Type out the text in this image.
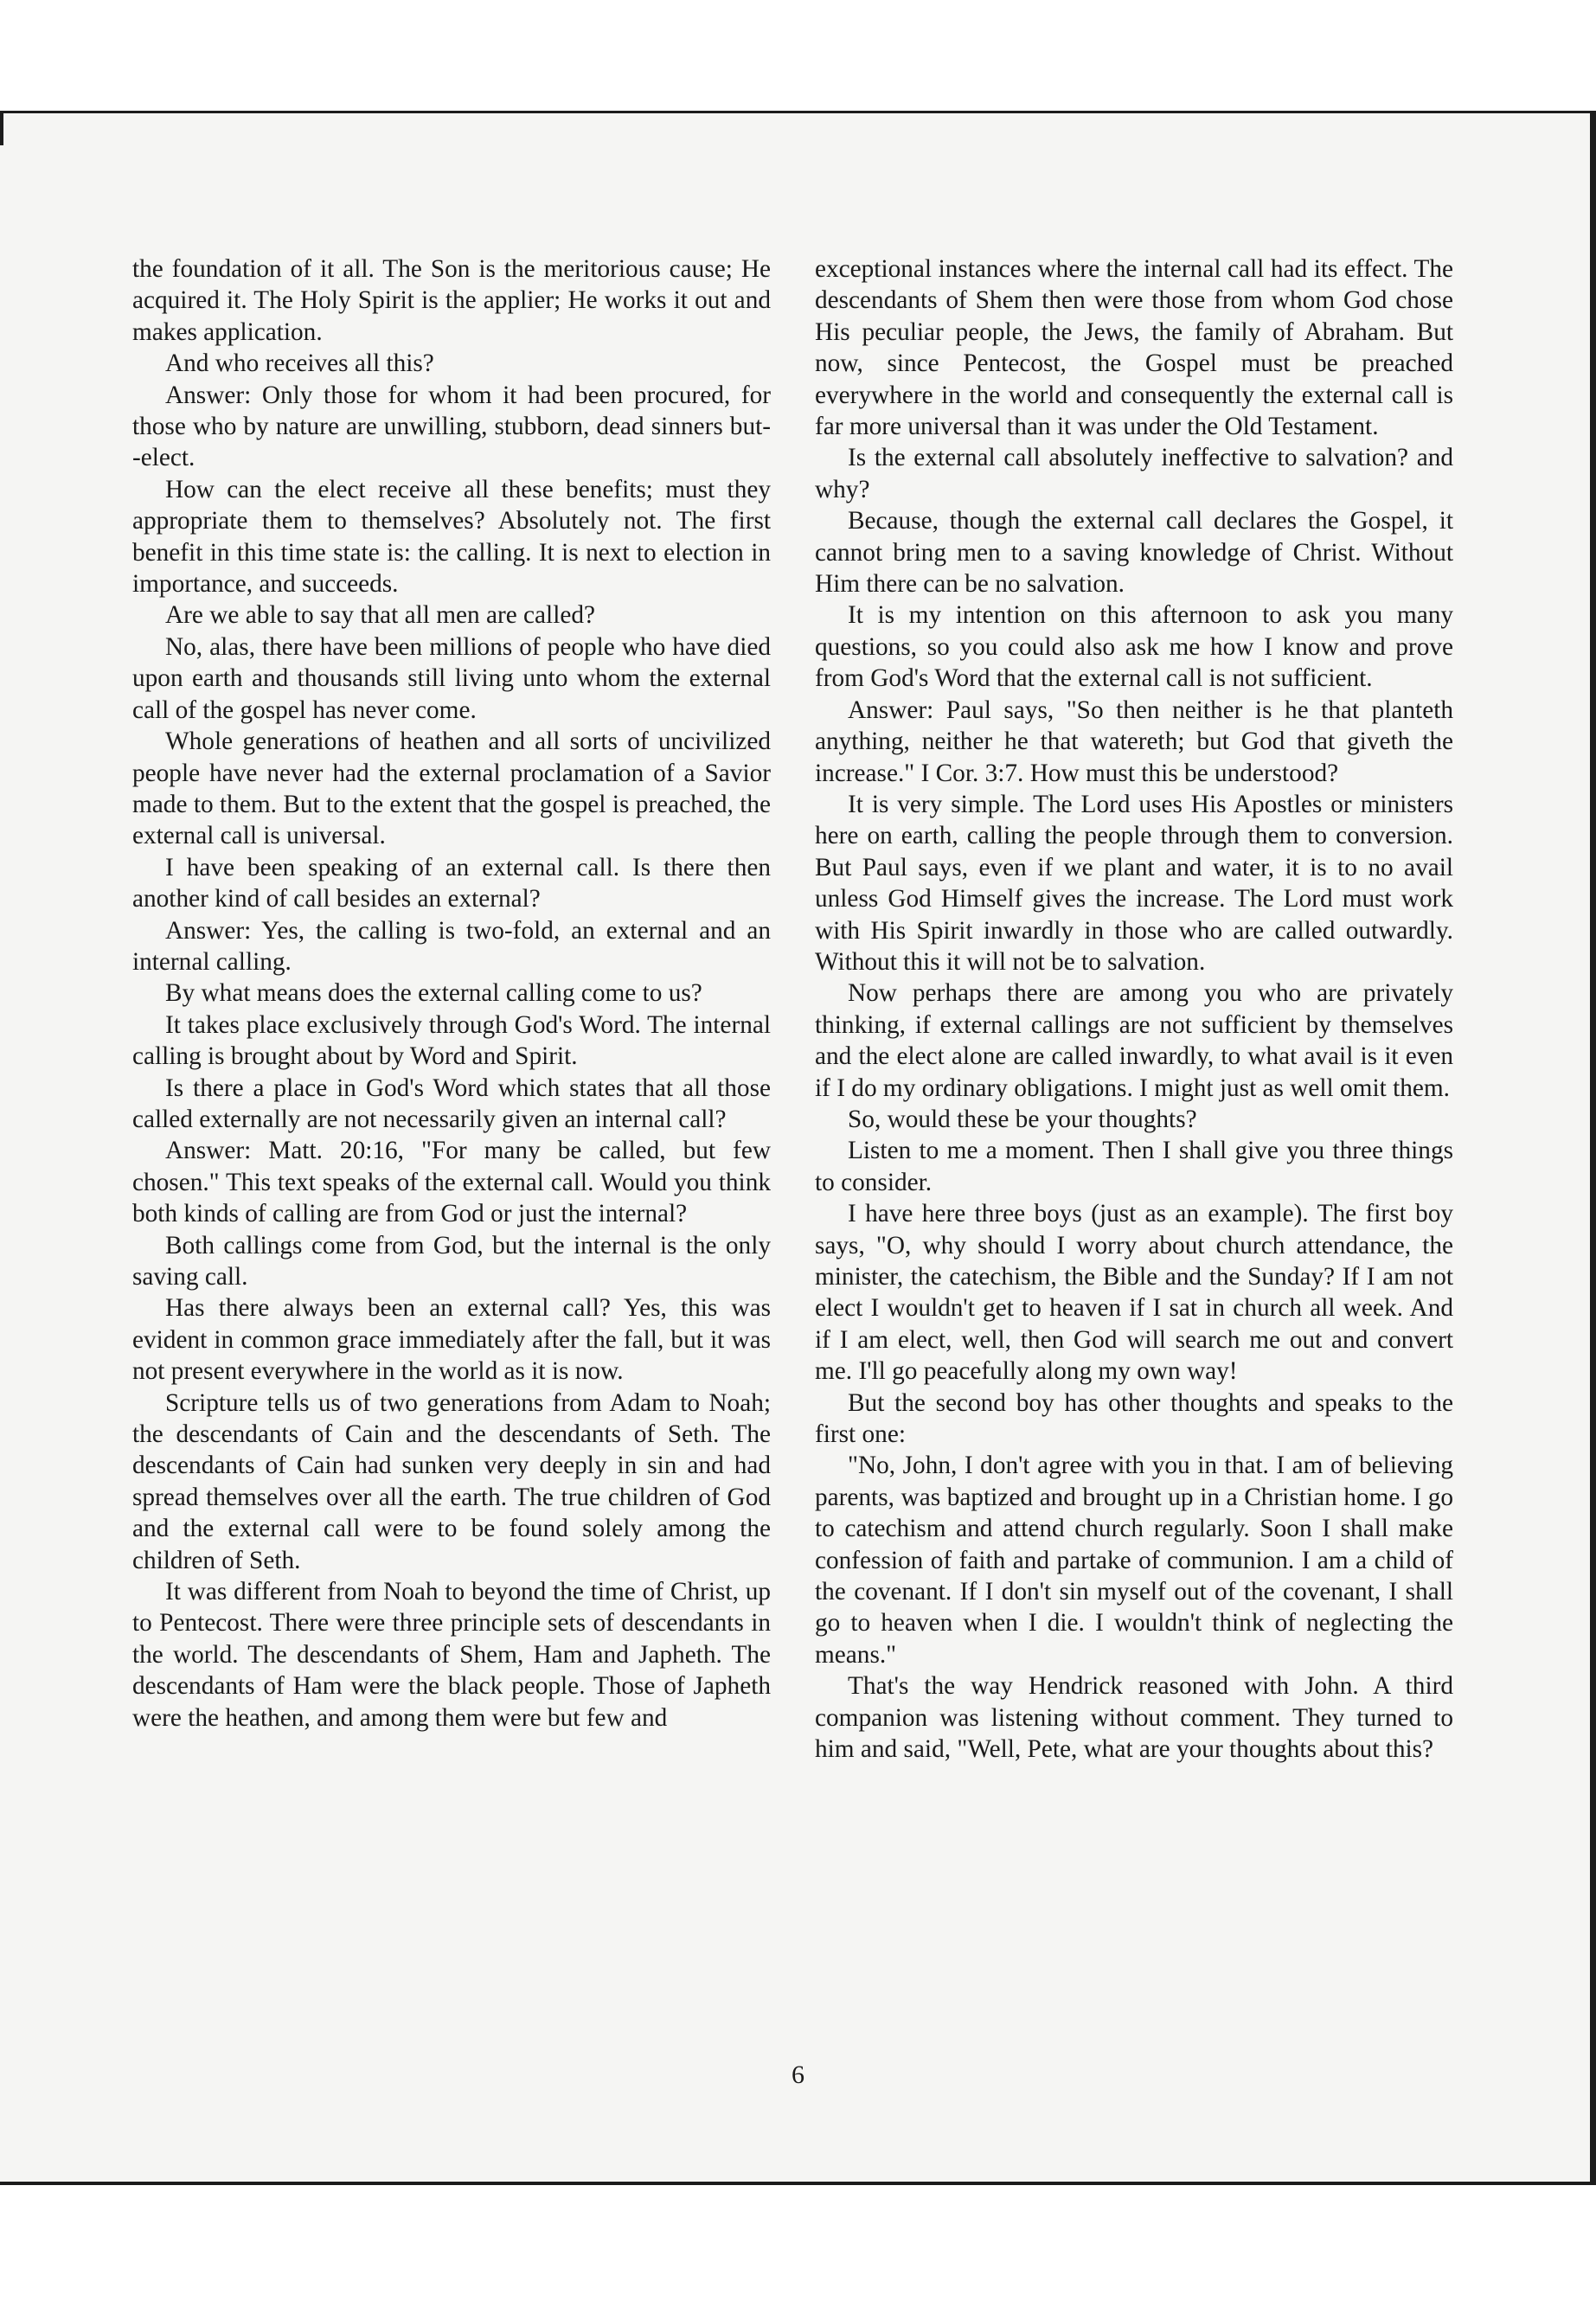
the foundation of it all. The Son is the meritorious cause; He acquired it. The Holy Spirit is the applier; He works it out and makes application.

And who receives all this?

Answer: Only those for whom it had been procured, for those who by nature are unwilling, stubborn, dead sinners but--elect.

How can the elect receive all these benefits; must they appropriate them to themselves? Absolutely not. The first benefit in this time state is: the calling. It is next to election in importance, and succeeds.

Are we able to say that all men are called?

No, alas, there have been millions of people who have died upon earth and thousands still living unto whom the external call of the gospel has never come.

Whole generations of heathen and all sorts of uncivilized people have never had the external proclamation of a Savior made to them. But to the extent that the gospel is preached, the external call is universal.

I have been speaking of an external call. Is there then another kind of call besides an external?

Answer: Yes, the calling is two-fold, an external and an internal calling.

By what means does the external calling come to us?

It takes place exclusively through God's Word. The internal calling is brought about by Word and Spirit.

Is there a place in God's Word which states that all those called externally are not necessarily given an internal call?

Answer: Matt. 20:16, "For many be called, but few chosen." This text speaks of the external call. Would you think both kinds of calling are from God or just the internal?

Both callings come from God, but the internal is the only saving call.

Has there always been an external call? Yes, this was evident in common grace immediately after the fall, but it was not present everywhere in the world as it is now.

Scripture tells us of two generations from Adam to Noah; the descendants of Cain and the descendants of Seth. The descendants of Cain had sunken very deeply in sin and had spread themselves over all the earth. The true children of God and the external call were to be found solely among the children of Seth.

It was different from Noah to beyond the time of Christ, up to Pentecost. There were three principle sets of descendants in the world. The descendants of Shem, Ham and Japheth. The descendants of Ham were the black people. Those of Japheth were the heathen, and among them were but few and

exceptional instances where the internal call had its effect. The descendants of Shem then were those from whom God chose His peculiar people, the Jews, the family of Abraham. But now, since Pentecost, the Gospel must be preached everywhere in the world and consequently the external call is far more universal than it was under the Old Testament.

Is the external call absolutely ineffective to salvation? and why?

Because, though the external call declares the Gospel, it cannot bring men to a saving knowledge of Christ. Without Him there can be no salvation.

It is my intention on this afternoon to ask you many questions, so you could also ask me how I know and prove from God's Word that the external call is not sufficient.

Answer: Paul says, "So then neither is he that planteth anything, neither he that watereth; but God that giveth the increase." I Cor. 3:7. How must this be understood?

It is very simple. The Lord uses His Apostles or ministers here on earth, calling the people through them to conversion. But Paul says, even if we plant and water, it is to no avail unless God Himself gives the increase. The Lord must work with His Spirit inwardly in those who are called outwardly. Without this it will not be to salvation.

Now perhaps there are among you who are privately thinking, if external callings are not sufficient by themselves and the elect alone are called inwardly, to what avail is it even if I do my ordinary obligations. I might just as well omit them.

So, would these be your thoughts?

Listen to me a moment. Then I shall give you three things to consider.

I have here three boys (just as an example). The first boy says, "O, why should I worry about church attendance, the minister, the catechism, the Bible and the Sunday? If I am not elect I wouldn't get to heaven if I sat in church all week. And if I am elect, well, then God will search me out and convert me. I'll go peacefully along my own way!

But the second boy has other thoughts and speaks to the first one:

"No, John, I don't agree with you in that. I am of believing parents, was baptized and brought up in a Christian home. I go to catechism and attend church regularly. Soon I shall make confession of faith and partake of communion. I am a child of the covenant. If I don't sin myself out of the covenant, I shall go to heaven when I die. I wouldn't think of neglecting the means."

That's the way Hendrick reasoned with John. A third companion was listening without comment. They turned to him and said, "Well, Pete, what are your thoughts about this?

6
